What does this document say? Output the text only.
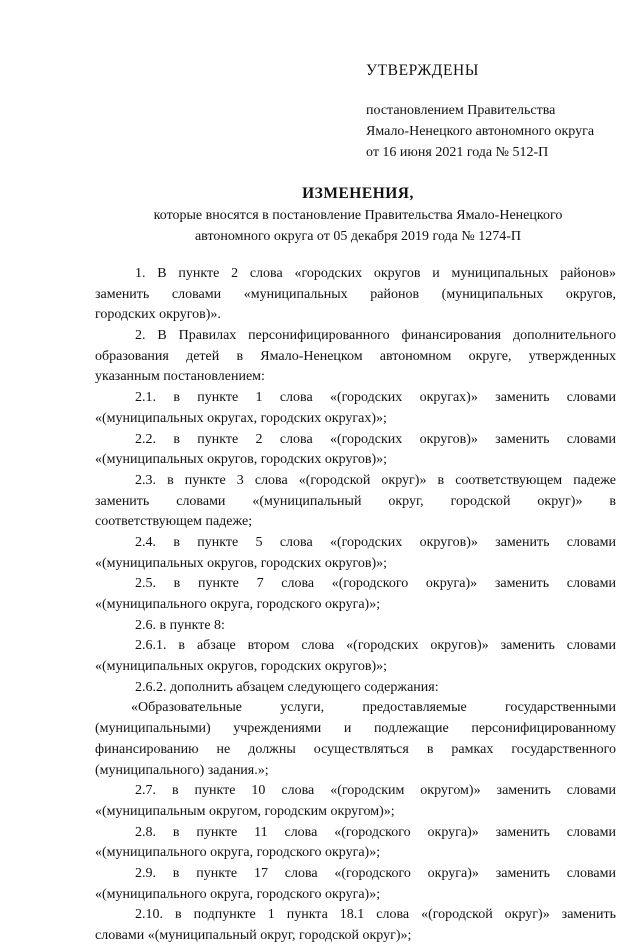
УТВЕРЖДЕНЫ
постановлением Правительства
Ямало-Ненецкого автономного округа
от 16 июня 2021 года № 512-П
ИЗМЕНЕНИЯ,
которые вносятся в постановление Правительства Ямало-Ненецкого
автономного округа от 05 декабря 2019 года № 1274-П
1. В пункте 2 слова «городских округов и муниципальных районов»
заменить словами «муниципальных районов (муниципальных округов,
городских округов)».
2. В Правилах персонифицированного финансирования дополнительного
образования детей в Ямало-Ненецком автономном округе, утвержденных
указанным постановлением:
2.1. в пункте 1 слова «(городских округах)» заменить словами
«(муниципальных округах, городских округах)»;
2.2. в пункте 2 слова «(городских округов)» заменить словами
«(муниципальных округов, городских округов)»;
2.3. в пункте 3 слова «(городской округ)» в соответствующем падеже
заменить словами «(муниципальный округ, городской округ)» в
соответствующем падеже;
2.4. в пункте 5 слова «(городских округов)» заменить словами
«(муниципальных округов, городских округов)»;
2.5. в пункте 7 слова «(городского округа)» заменить словами
«(муниципального округа, городского округа)»;
2.6. в пункте 8:
2.6.1. в абзаце втором слова «(городских округов)» заменить словами
«(муниципальных округов, городских округов)»;
2.6.2. дополнить абзацем следующего содержания:
«Образовательные услуги, предоставляемые государственными
(муниципальными) учреждениями и подлежащие персонифицированному
финансированию не должны осуществляться в рамках государственного
(муниципального) задания.»;
2.7. в пункте 10 слова «(городским округом)» заменить словами
«(муниципальным округом, городским округом)»;
2.8. в пункте 11 слова «(городского округа)» заменить словами
«(муниципального округа, городского округа)»;
2.9. в пункте 17 слова «(городского округа)» заменить словами
«(муниципального округа, городского округа)»;
2.10. в подпункте 1 пункта 18.1 слова «(городской округ)» заменить
словами «(муниципальный округ, городской округ)»;
